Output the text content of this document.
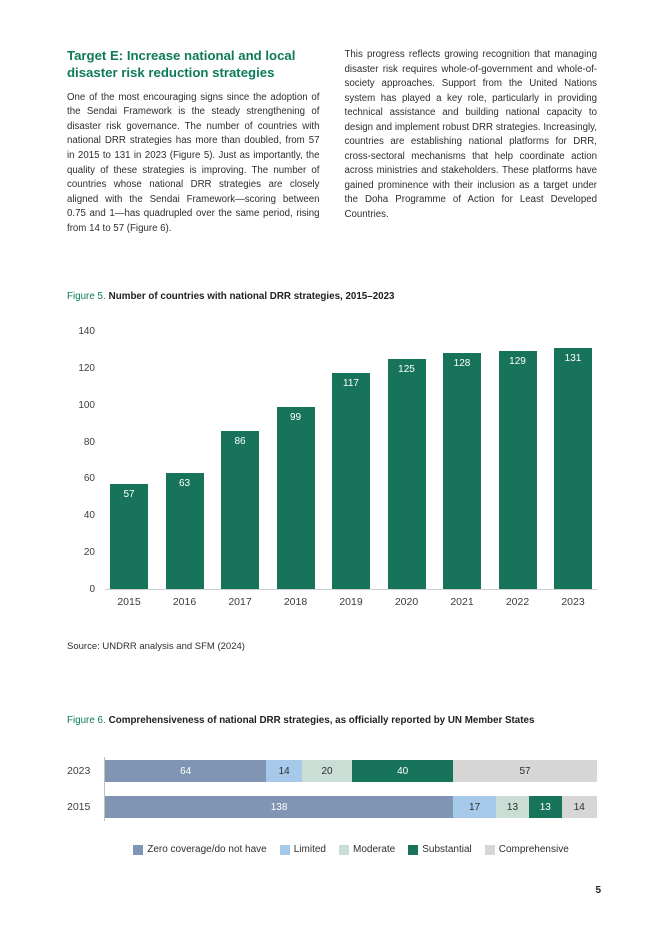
Target E: Increase national and local disaster risk reduction strategies

One of the most encouraging signs since the adoption of the Sendai Framework is the steady strengthening of disaster risk governance. The number of countries with national DRR strategies has more than doubled, from 57 in 2015 to 131 in 2023 (Figure 5). Just as importantly, the quality of these strategies is improving. The number of countries whose national DRR strategies are closely aligned with the Sendai Framework—scoring between 0.75 and 1—has quadrupled over the same period, rising from 14 to 57 (Figure 6).

This progress reflects growing recognition that managing disaster risk requires whole-of-government and whole-of-society approaches. Support from the United Nations system has played a key role, particularly in providing technical assistance and building national capacity to design and implement robust DRR strategies. Increasingly, countries are establishing national platforms for DRR, cross-sectoral mechanisms that help coordinate action across ministries and stakeholders. These platforms have gained prominence with their inclusion as a target under the Doha Programme of Action for Least Developed Countries.

Figure 5. Number of countries with national DRR strategies, 2015–2023
140
120
100
80
60
40
20
0
57
63
86
99
117
125
128	129	131
2015	2016	2017	2018	2019	2020	2021	2022	2023
Source: UNDRR analysis and SFM (2024)
Figure 6. Comprehensiveness of national DRR strategies, as officially reported by UN Member States
2023	64	14	20	40	57
2015	138	17	13	13	14
Zero coverage/do not have	Limited	Moderate	Substantial	Comprehensive
5
